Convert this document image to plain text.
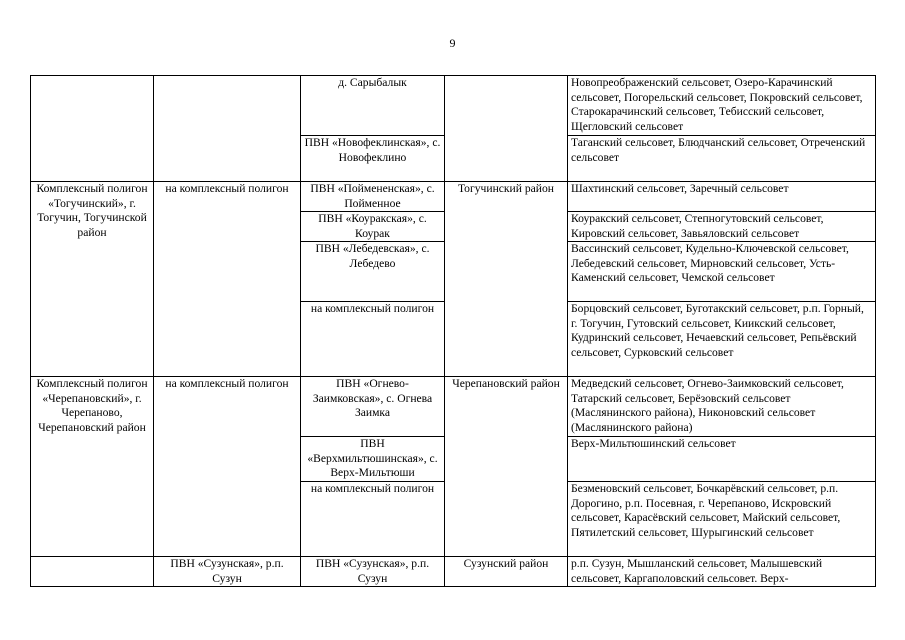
9
		д. Сарыбалык		Новопреображенский сельсовет, Озеро-Карачинский сельсовет, Погорельский сельсовет, Покровский сельсовет, Старокарачинский сельсовет, Тебисский сельсовет, Щегловский сельсовет
		ПВН «Новофеклинская», с. Новофеклино		Таганский сельсовет, Блюдчанский сельсовет, Отреченский сельсовет
Комплексный полигон «Тогучинский», г. Тогучин, Тогучинской район	на комплексный полигон	ПВН «Поймененская», с. Пойменное	Тогучинский район	Шахтинский сельсовет, Заречный сельсовет
		ПВН «Коуракская», с. Коурак		Коуракский сельсовет, Степногутовский сельсовет, Кировский сельсовет, Завьяловский сельсовет
		ПВН «Лебедевская», с. Лебедево		Вассинский сельсовет, Кудельно-Ключевской сельсовет, Лебедевский сельсовет, Мирновский сельсовет, Усть-Каменский сельсовет, Чемской сельсовет
		на комплексный полигон		Борцовский сельсовет, Буготакский сельсовет, р.п. Горный, г. Тогучин, Гутовский сельсовет, Киикский сельсовет, Кудринский сельсовет, Нечаевский сельсовет, Репьёвский сельсовет, Сурковский сельсовет
Комплексный полигон «Черепановский», г. Черепаново, Черепановский район	на комплексный полигон	ПВН «Огнево-Заимковская», с. Огнева Заимка	Черепановский район	Медведский сельсовет, Огнево-Заимковский сельсовет, Татарский сельсовет, Берёзовский сельсовет (Маслянинского района), Никоновский сельсовет (Маслянинского района)
		ПВН «Верхмильтюшинская», с. Верх-Мильтюши		Верх-Мильтюшинский сельсовет
		на комплексный полигон		Безменовский сельсовет, Бочкарёвский сельсовет, р.п. Дорогино, р.п. Посевная, г. Черепаново, Искровский сельсовет, Карасёвский сельсовет, Майский сельсовет, Пятилетский сельсовет, Шурыгинский сельсовет
	ПВН «Сузунская», р.п. Сузун	ПВН «Сузунская», р.п. Сузун	Сузунский район	р.п. Сузун, Мышланский сельсовет, Малышевский сельсовет, Каргаполовский сельсовет. Верх-
